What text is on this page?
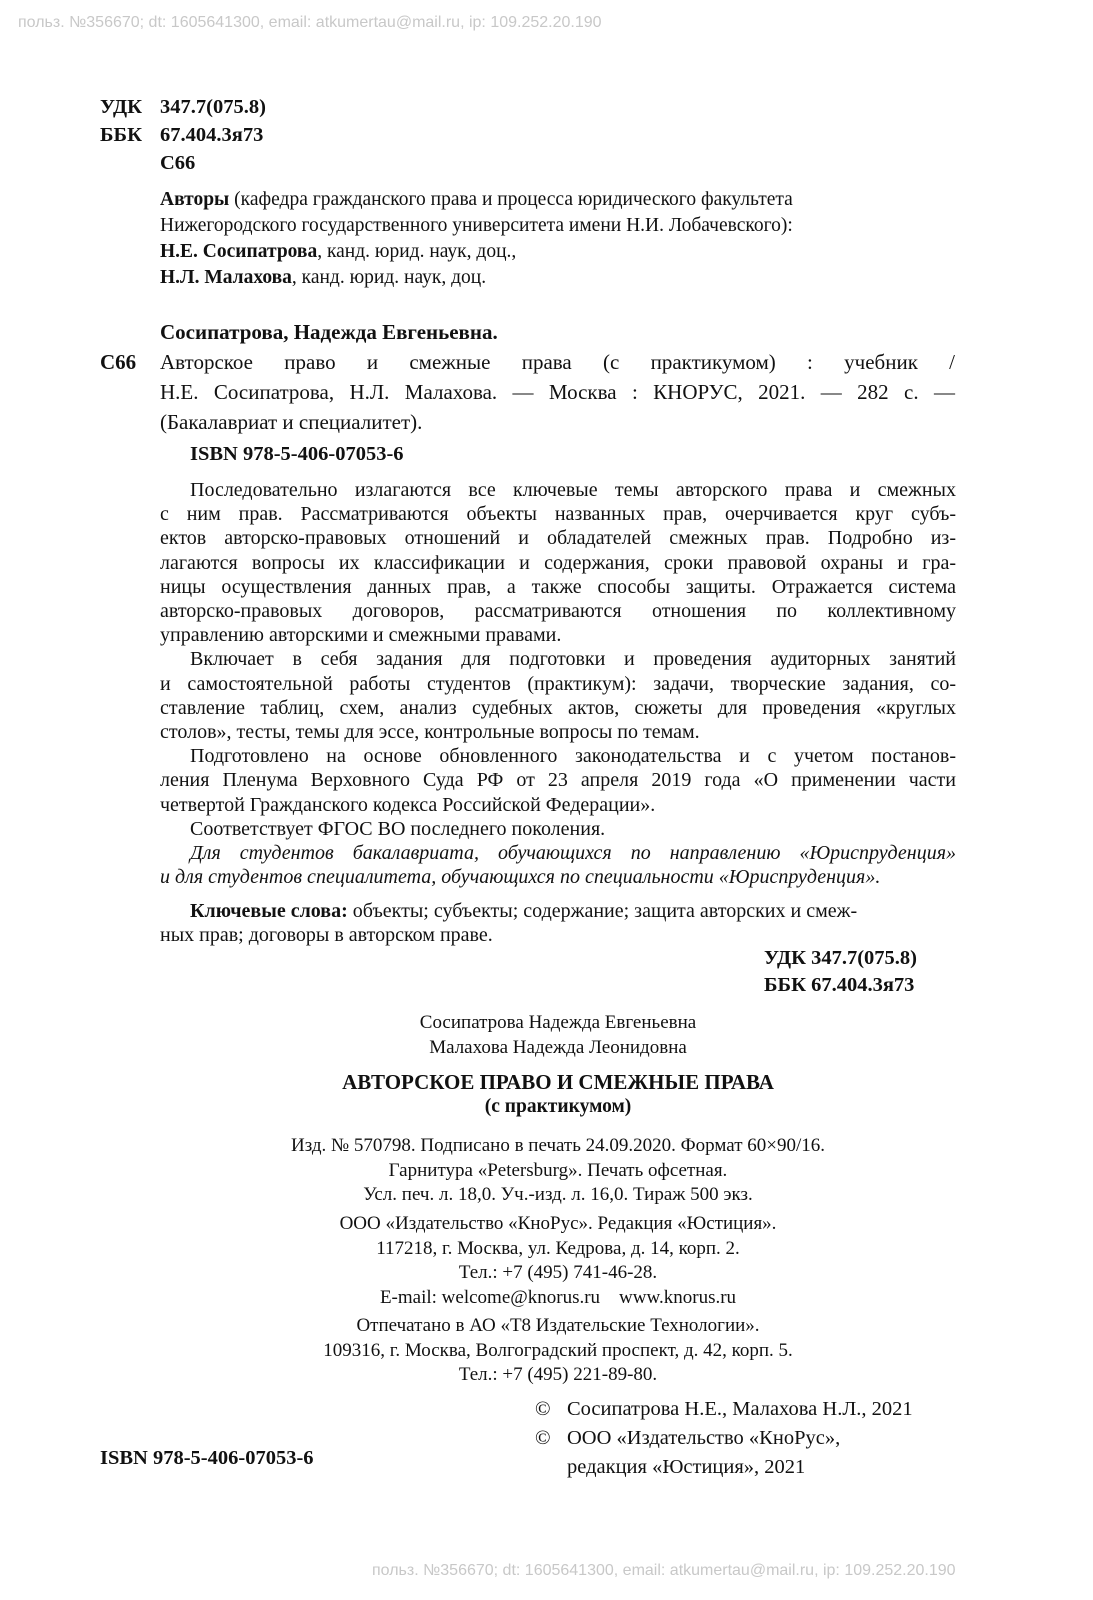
польз. №356670; dt: 1605641300, email: atkumertau@mail.ru, ip: 109.252.20.190
УДК 347.7(075.8)
ББК 67.404.3я73
С66
Авторы (кафедра гражданского права и процесса юридического факультета
Нижегородского государственного университета имени Н.И. Лобачевского):
Н.Е. Сосипатрова, канд. юрид. наук, доц.,
Н.Л. Малахова, канд. юрид. наук, доц.
С66
Сосипатрова, Надежда Евгеньевна.
Авторское право и смежные права (с практикумом) : учебник /
Н.Е. Сосипатрова, Н.Л. Малахова. — Москва : КНОРУС, 2021. — 282 с. —
(Бакалавриат и специалитет).
ISBN 978-5-406-07053-6
Последовательно излагаются все ключевые темы авторского права и смежных
с ним прав. Рассматриваются объекты названных прав, очерчивается круг субъ-
ектов авторско-правовых отношений и обладателей смежных прав. Подробно из-
лагаются вопросы их классификации и содержания, сроки правовой охраны и гра-
ницы осуществления данных прав, а также способы защиты. Отражается система
авторско-правовых договоров, рассматриваются отношения по коллективному
управлению авторскими и смежными правами.
Включает в себя задания для подготовки и проведения аудиторных занятий
и самостоятельной работы студентов (практикум): задачи, творческие задания, со-
ставление таблиц, схем, анализ судебных актов, сюжеты для проведения «круглых
столов», тесты, темы для эссе, контрольные вопросы по темам.
Подготовлено на основе обновленного законодательства и с учетом постанов-
ления Пленума Верховного Суда РФ от 23 апреля 2019 года «О применении части
четвертой Гражданского кодекса Российской Федерации».
Соответствует ФГОС ВО последнего поколения.
Для студентов бакалавриата, обучающихся по направлению «Юриспруденция»
и для студентов специалитета, обучающихся по специальности «Юриспруденция».
Ключевые слова: объекты; субъекты; содержание; защита авторских и смеж-
ных прав; договоры в авторском праве.
УДК 347.7(075.8)
ББК 67.404.3я73
Сосипатрова Надежда Евгеньевна
Малахова Надежда Леонидовна
АВТОРСКОЕ ПРАВО И СМЕЖНЫЕ ПРАВА
(с практикумом)
Изд. № 570798. Подписано в печать 24.09.2020. Формат 60×90/16.
Гарнитура «Petersburg». Печать офсетная.
Усл. печ. л. 18,0. Уч.-изд. л. 16,0. Тираж 500 экз.
ООО «Издательство «КноРус». Редакция «Юстиция».
117218, г. Москва, ул. Кедрова, д. 14, корп. 2.
Тел.: +7 (495) 741-46-28.
E-mail: welcome@knorus.ru    www.knorus.ru
Отпечатано в АО «Т8 Издательские Технологии».
109316, г. Москва, Волгоградский проспект, д. 42, корп. 5.
Тел.: +7 (495) 221-89-80.
© Сосипатрова Н.Е., Малахова Н.Л., 2021
© ООО «Издательство «КноРус»,
редакция «Юстиция», 2021
ISBN 978-5-406-07053-6
польз. №356670; dt: 1605641300, email: atkumertau@mail.ru, ip: 109.252.20.190
